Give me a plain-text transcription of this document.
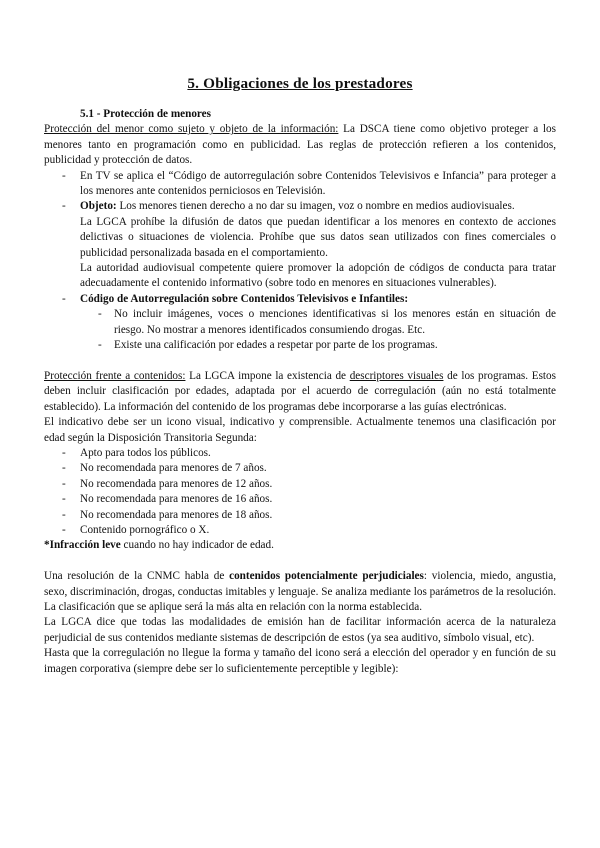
5. Obligaciones de los prestadores
5.1 - Protección de menores

Protección del menor como sujeto y objeto de la información: La DSCA tiene como objetivo proteger a los menores tanto en programación como en publicidad. Las reglas de protección refieren a los contenidos, publicidad y protección de datos.

- En TV se aplica el “Código de autorregulación sobre Contenidos Televisivos e Infancia” para proteger a los menores ante contenidos perniciosos en Televisión.

- Objeto: Los menores tienen derecho a no dar su imagen, voz o nombre en medios audiovisuales.

La LGCA prohíbe la difusión de datos que puedan identificar a los menores en contexto de acciones delictivas o situaciones de violencia. Prohíbe que sus datos sean utilizados con fines comerciales o publicidad personalizada basada en el comportamiento.

La autoridad audiovisual competente quiere promover la adopción de códigos de conducta para tratar adecuadamente el contenido informativo (sobre todo en menores en situaciones vulnerables).

- Código de Autorregulación sobre Contenidos Televisivos e Infantiles:

- No incluir imágenes, voces o menciones identificativas si los menores están en situación de riesgo. No mostrar a menores identificados consumiendo drogas. Etc.

- Existe una calificación por edades a respetar por parte de los programas.

Protección frente a contenidos: La LGCA impone la existencia de descriptores visuales de los programas. Estos deben incluir clasificación por edades, adaptada por el acuerdo de corregulación (aún no está totalmente establecido). La información del contenido de los programas debe incorporarse a las guías electrónicas.

El indicativo debe ser un icono visual, indicativo y comprensible. Actualmente tenemos una clasificación por edad según la Disposición Transitoria Segunda:

- Apto para todos los públicos.

- No recomendada para menores de 7 años.

- No recomendada para menores de 12 años.

- No recomendada para menores de 16 años.

- No recomendada para menores de 18 años.

- Contenido pornográfico o X.

*Infracción leve cuando no hay indicador de edad.

Una resolución de la CNMC habla de contenidos potencialmente perjudiciales: violencia, miedo, angustia, sexo, discriminación, drogas, conductas imitables y lenguaje. Se analiza mediante los parámetros de la resolución. La clasificación que se aplique será la más alta en relación con la norma establecida.

La LGCA dice que todas las modalidades de emisión han de facilitar información acerca de la naturaleza perjudicial de sus contenidos mediante sistemas de descripción de estos (ya sea auditivo, símbolo visual, etc).

Hasta que la corregulación no llegue la forma y tamaño del icono será a elección del operador y en función de su imagen corporativa (siempre debe ser lo suficientemente perceptible y legible):
